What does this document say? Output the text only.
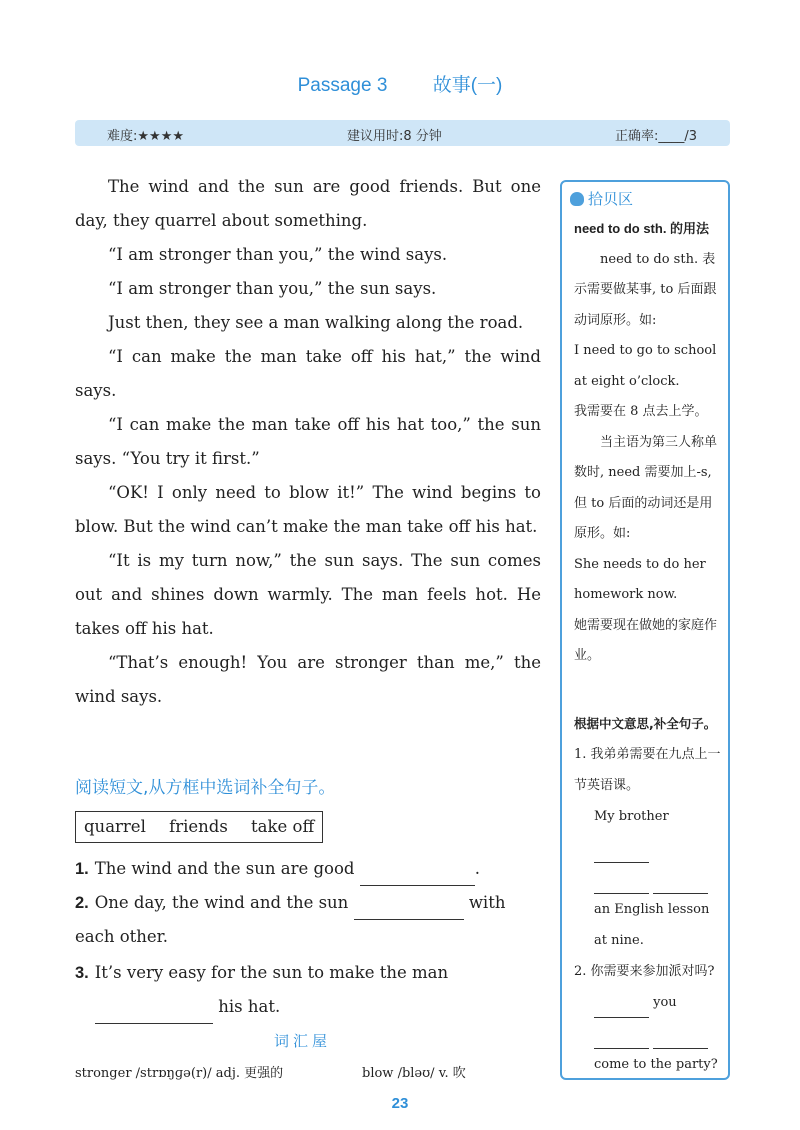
Passage 3 故事(一)
难度:★★★★	建议用时:8 分钟	正确率:____/3

The wind and the sun are good friends. But one day, they quarrel about something.

“I am stronger than you,” the wind says.

“I am stronger than you,” the sun says.

Just then, they see a man walking along the road.

“I can make the man take off his hat,” the wind says.

“I can make the man take off his hat too,” the sun says. “You try it first.”

“OK! I only need to blow it!” The wind begins to blow. But the wind can’t make the man take off his hat.

“It is my turn now,” the sun says. The sun comes out and shines down warmly. The man feels hot. He takes off his hat.

“That’s enough! You are stronger than me,” the wind says.

阅读短文,从方框中选词补全句子。
quarrel friends take off
1. The wind and the sun are good	.
2. One day, the wind and the sun	with each other.
3. It’s very easy for the sun to make the man
his hat.
词汇屋
stronger /strɒŋɡə(r)/ adj. 更强的	blow /bləʊ/ v. 吹
23
拾贝区
need to do sth. 的用法
need to do sth. 表示需要做某事, to 后面跟动词原形。如:
I need to go to school at eight o’clock.
我需要在 8 点去上学。
当主语为第三人称单数时, need 需要加上-s,但 to 后面的动词还是用原形。如:
She needs to do her homework now.
她需要现在做她的家庭作业。
根据中文意思,补全句子。
1. 我弟弟需要在九点上一节英语课。
My brother

an English lesson at nine.
2. 你需要来参加派对吗?
you

come to the party?
